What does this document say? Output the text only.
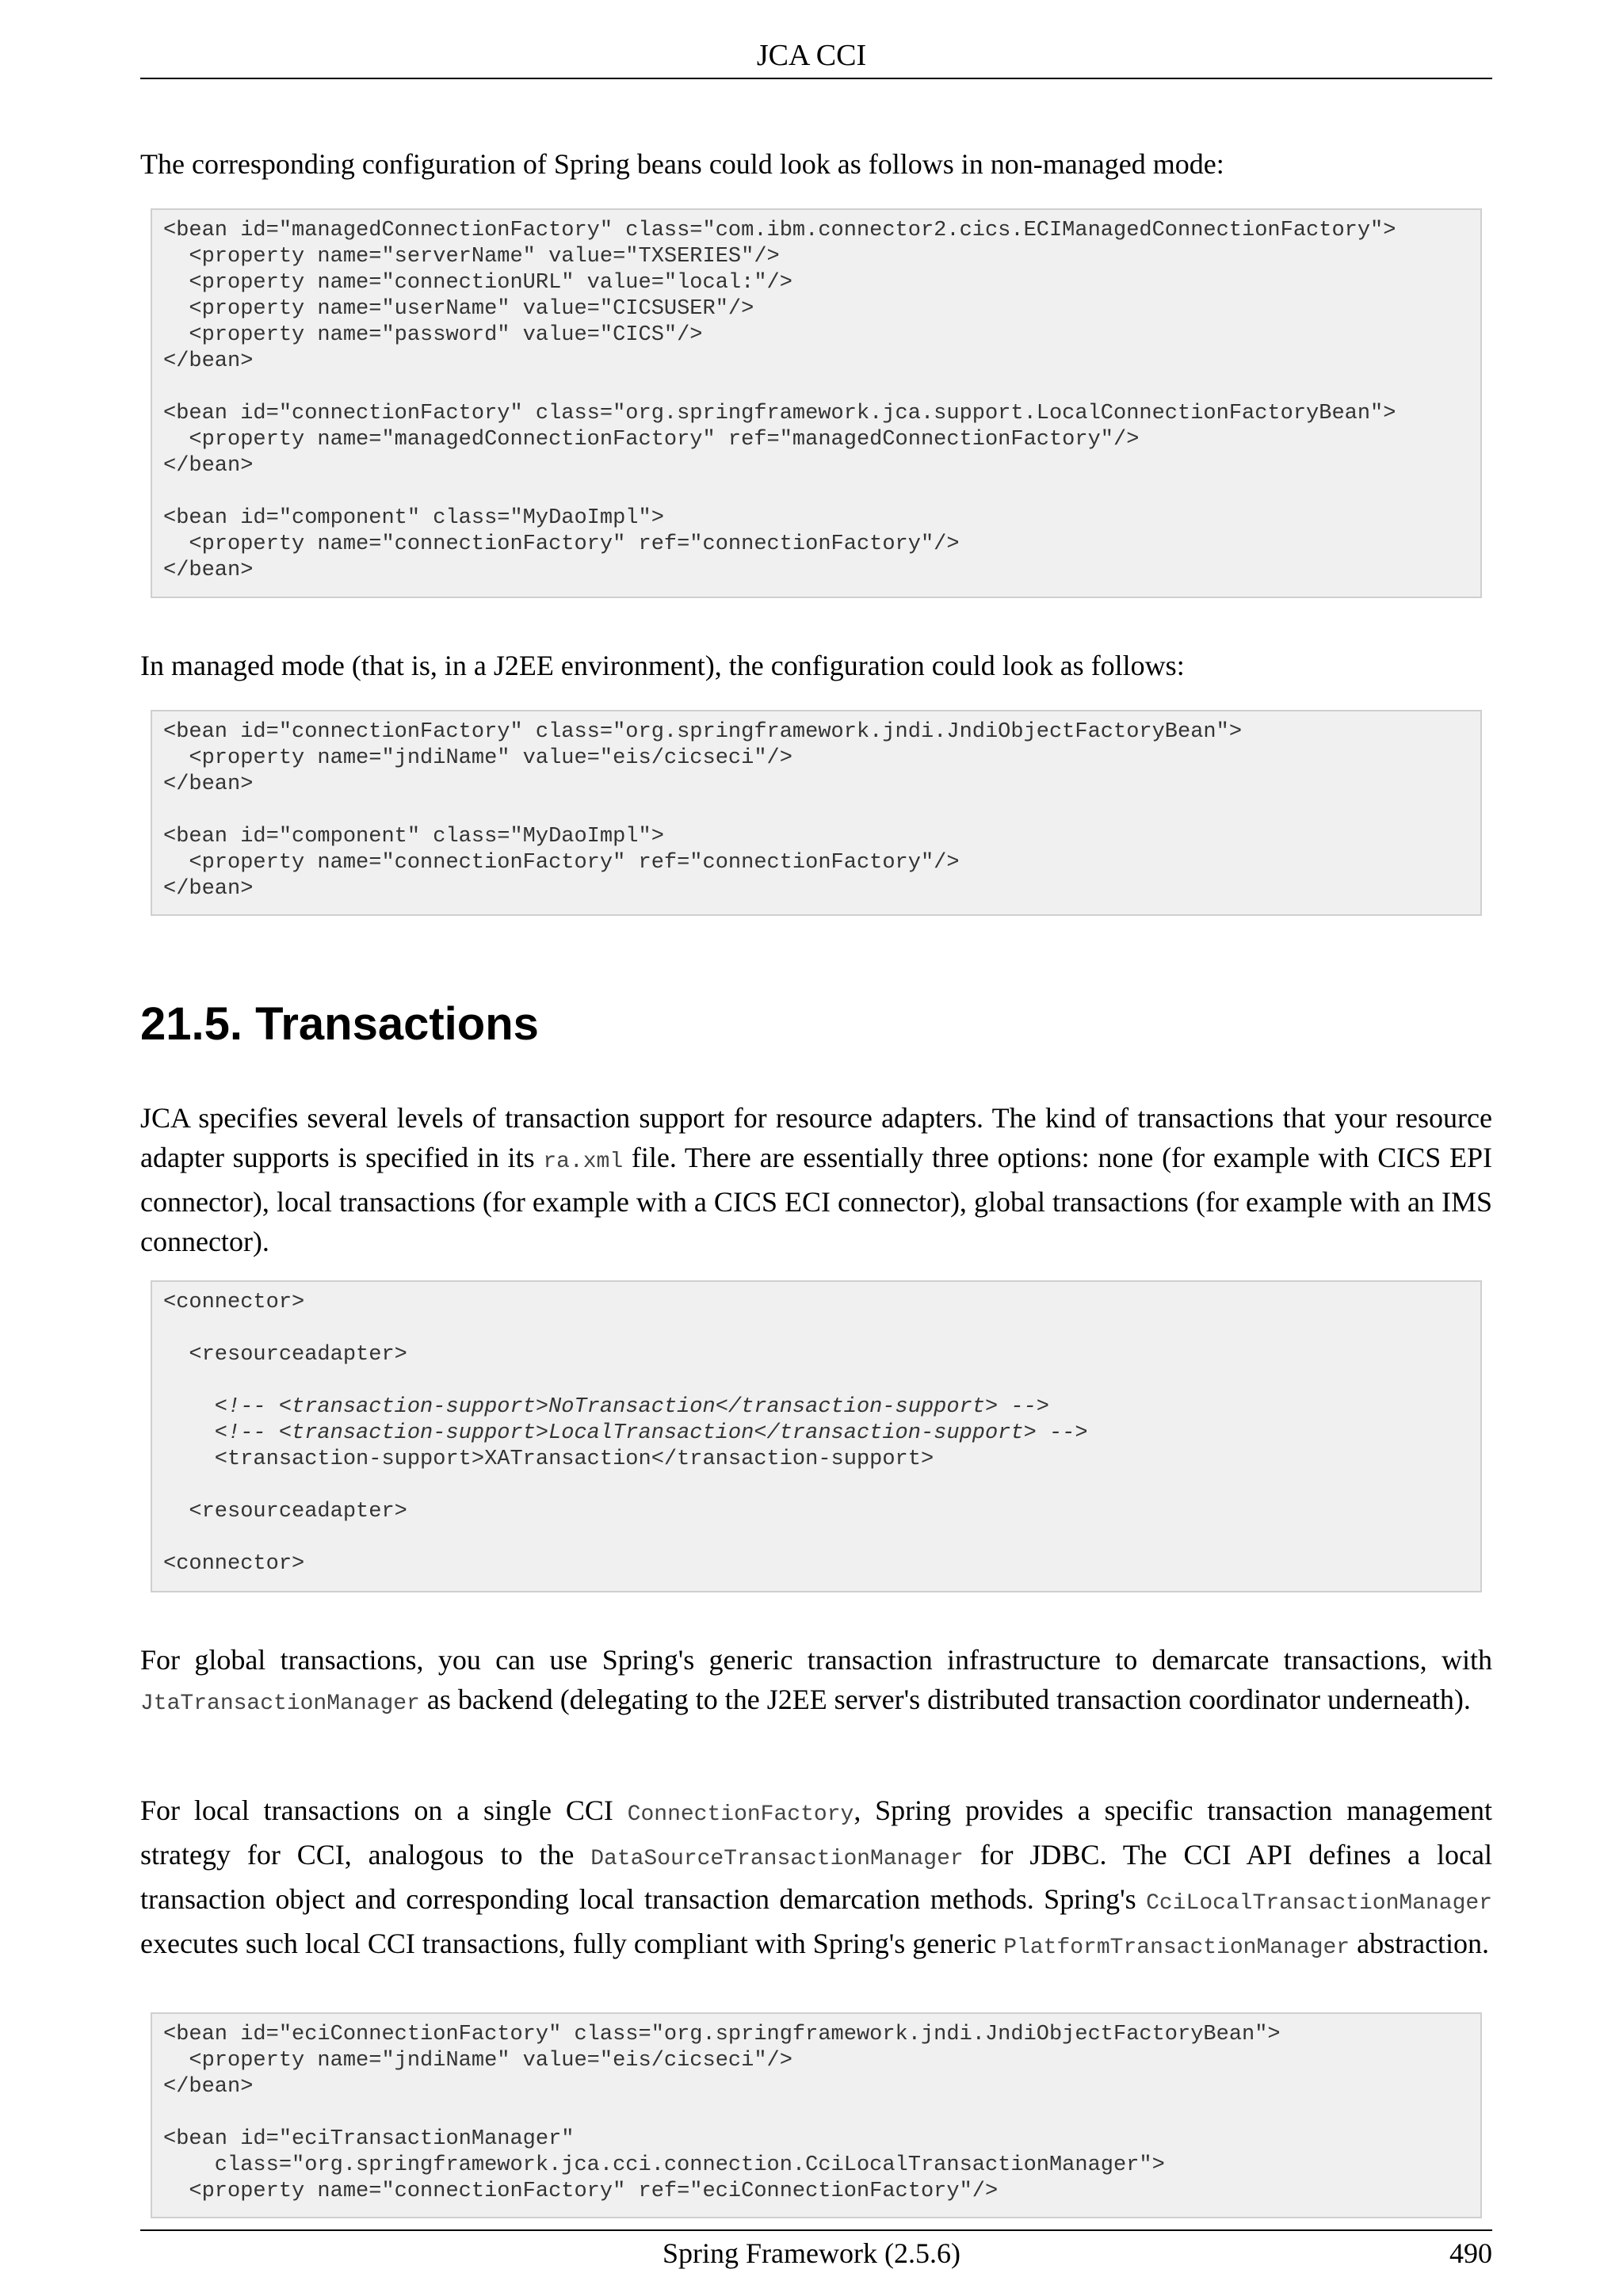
JCA CCI
The corresponding configuration of Spring beans could look as follows in non-managed mode:
<bean id="managedConnectionFactory" class="com.ibm.connector2.cics.ECIManagedConnectionFactory">
<property name="serverName" value="TXSERIES"/>
<property name="connectionURL" value="local:"/>
<property name="userName" value="CICSUSER"/>
<property name="password" value="CICS"/>
</bean>
<bean id="connectionFactory" class="org.springframework.jca.support.LocalConnectionFactoryBean">
<property name="managedConnectionFactory" ref="managedConnectionFactory"/>
</bean>
<bean id="component" class="MyDaoImpl">
<property name="connectionFactory" ref="connectionFactory"/>
</bean>
In managed mode (that is, in a J2EE environment), the configuration could look as follows:
<bean id="connectionFactory" class="org.springframework.jndi.JndiObjectFactoryBean">
<property name="jndiName" value="eis/cicseci"/>
</bean>
<bean id="component" class="MyDaoImpl">
<property name="connectionFactory" ref="connectionFactory"/>
</bean>
21.5. Transactions
JCA specifies several levels of transaction support for resource adapters. The kind of transactions that your resource adapter supports is specified in its ra.xml file. There are essentially three options: none (for example with CICS EPI connector), local transactions (for example with a CICS ECI connector), global transactions (for example with an IMS connector).
<connector>
<resourceadapter>
<!-- <transaction-support>NoTransaction</transaction-support> -->
<!-- <transaction-support>LocalTransaction</transaction-support> -->
<transaction-support>XATransaction</transaction-support>
<resourceadapter>
<connector>
For global transactions, you can use Spring's generic transaction infrastructure to demarcate transactions, with JtaTransactionManager as backend (delegating to the J2EE server's distributed transaction coordinator underneath).
For local transactions on a single CCI ConnectionFactory, Spring provides a specific transaction management strategy for CCI, analogous to the DataSourceTransactionManager for JDBC. The CCI API defines a local transaction object and corresponding local transaction demarcation methods. Spring's CciLocalTransactionManager executes such local CCI transactions, fully compliant with Spring's generic PlatformTransactionManager abstraction.
<bean id="eciConnectionFactory" class="org.springframework.jndi.JndiObjectFactoryBean">
<property name="jndiName" value="eis/cicseci"/>
</bean>
<bean id="eciTransactionManager"
class="org.springframework.jca.cci.connection.CciLocalTransactionManager">
<property name="connectionFactory" ref="eciConnectionFactory"/>
Spring Framework (2.5.6)	490
